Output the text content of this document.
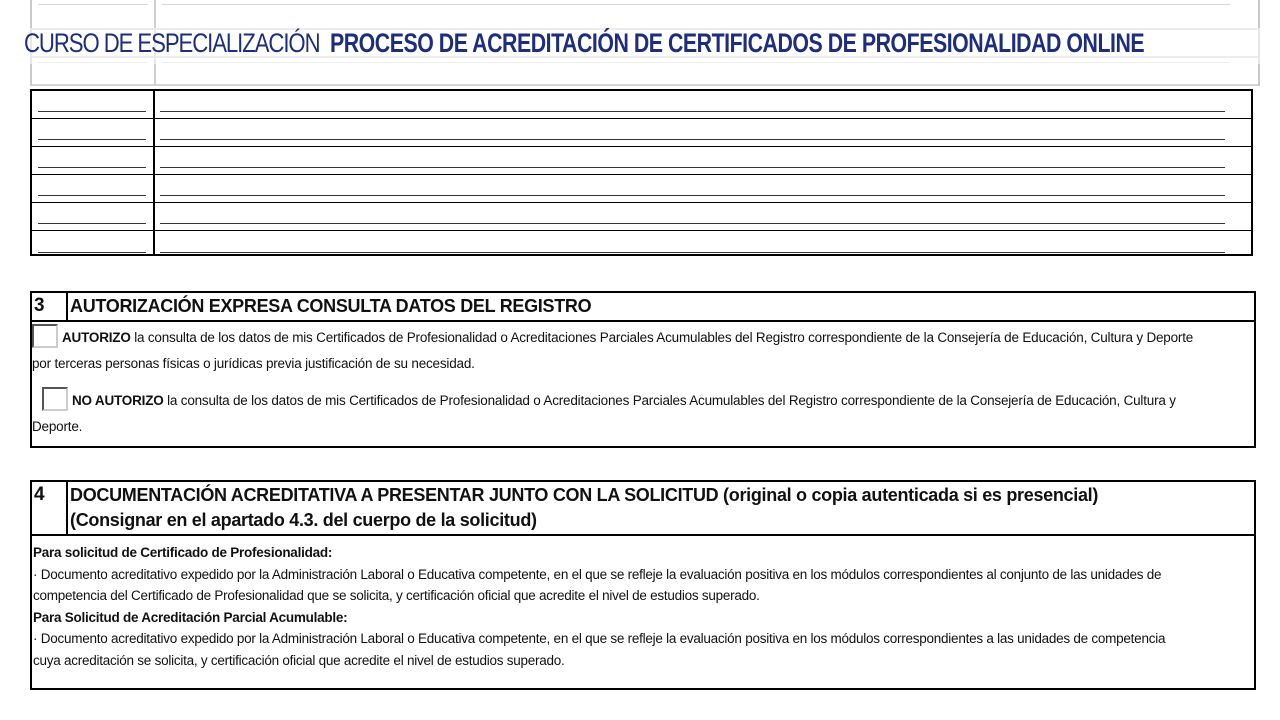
CURSO DE ESPECIALIZACIÓN PROCESO DE ACREDITACIÓN DE CERTIFICADOS DE PROFESIONALIDAD ONLINE
3	AUTORIZACIÓN EXPRESA CONSULTA DATOS DEL REGISTRO
AUTORIZO la consulta de los datos de mis Certificados de Profesionalidad o Acreditaciones Parciales Acumulables del Registro correspondiente de la Consejería de Educación, Cultura y Deporte
por terceras personas físicas o jurídicas previa justificación de su necesidad.
NO AUTORIZO la consulta de los datos de mis Certificados de Profesionalidad o Acreditaciones Parciales Acumulables del Registro correspondiente de la Consejería de Educación, Cultura y
Deporte.
4	DOCUMENTACIÓN ACREDITATIVA A PRESENTAR JUNTO CON LA SOLICITUD (original o copia autenticada si es presencial)
(Consignar en el apartado 4.3. del cuerpo de la solicitud)
Para solicitud de Certificado de Profesionalidad:
· Documento acreditativo expedido por la Administración Laboral o Educativa competente, en el que se refleje la evaluación positiva en los módulos correspondientes al conjunto de las unidades de
competencia del Certificado de Profesionalidad que se solicita, y certificación oficial que acredite el nivel de estudios superado.
Para Solicitud de Acreditación Parcial Acumulable:
· Documento acreditativo expedido por la Administración Laboral o Educativa competente, en el que se refleje la evaluación positiva en los módulos correspondientes a las unidades de competencia
cuya acreditación se solicita, y certificación oficial que acredite el nivel de estudios superado.
